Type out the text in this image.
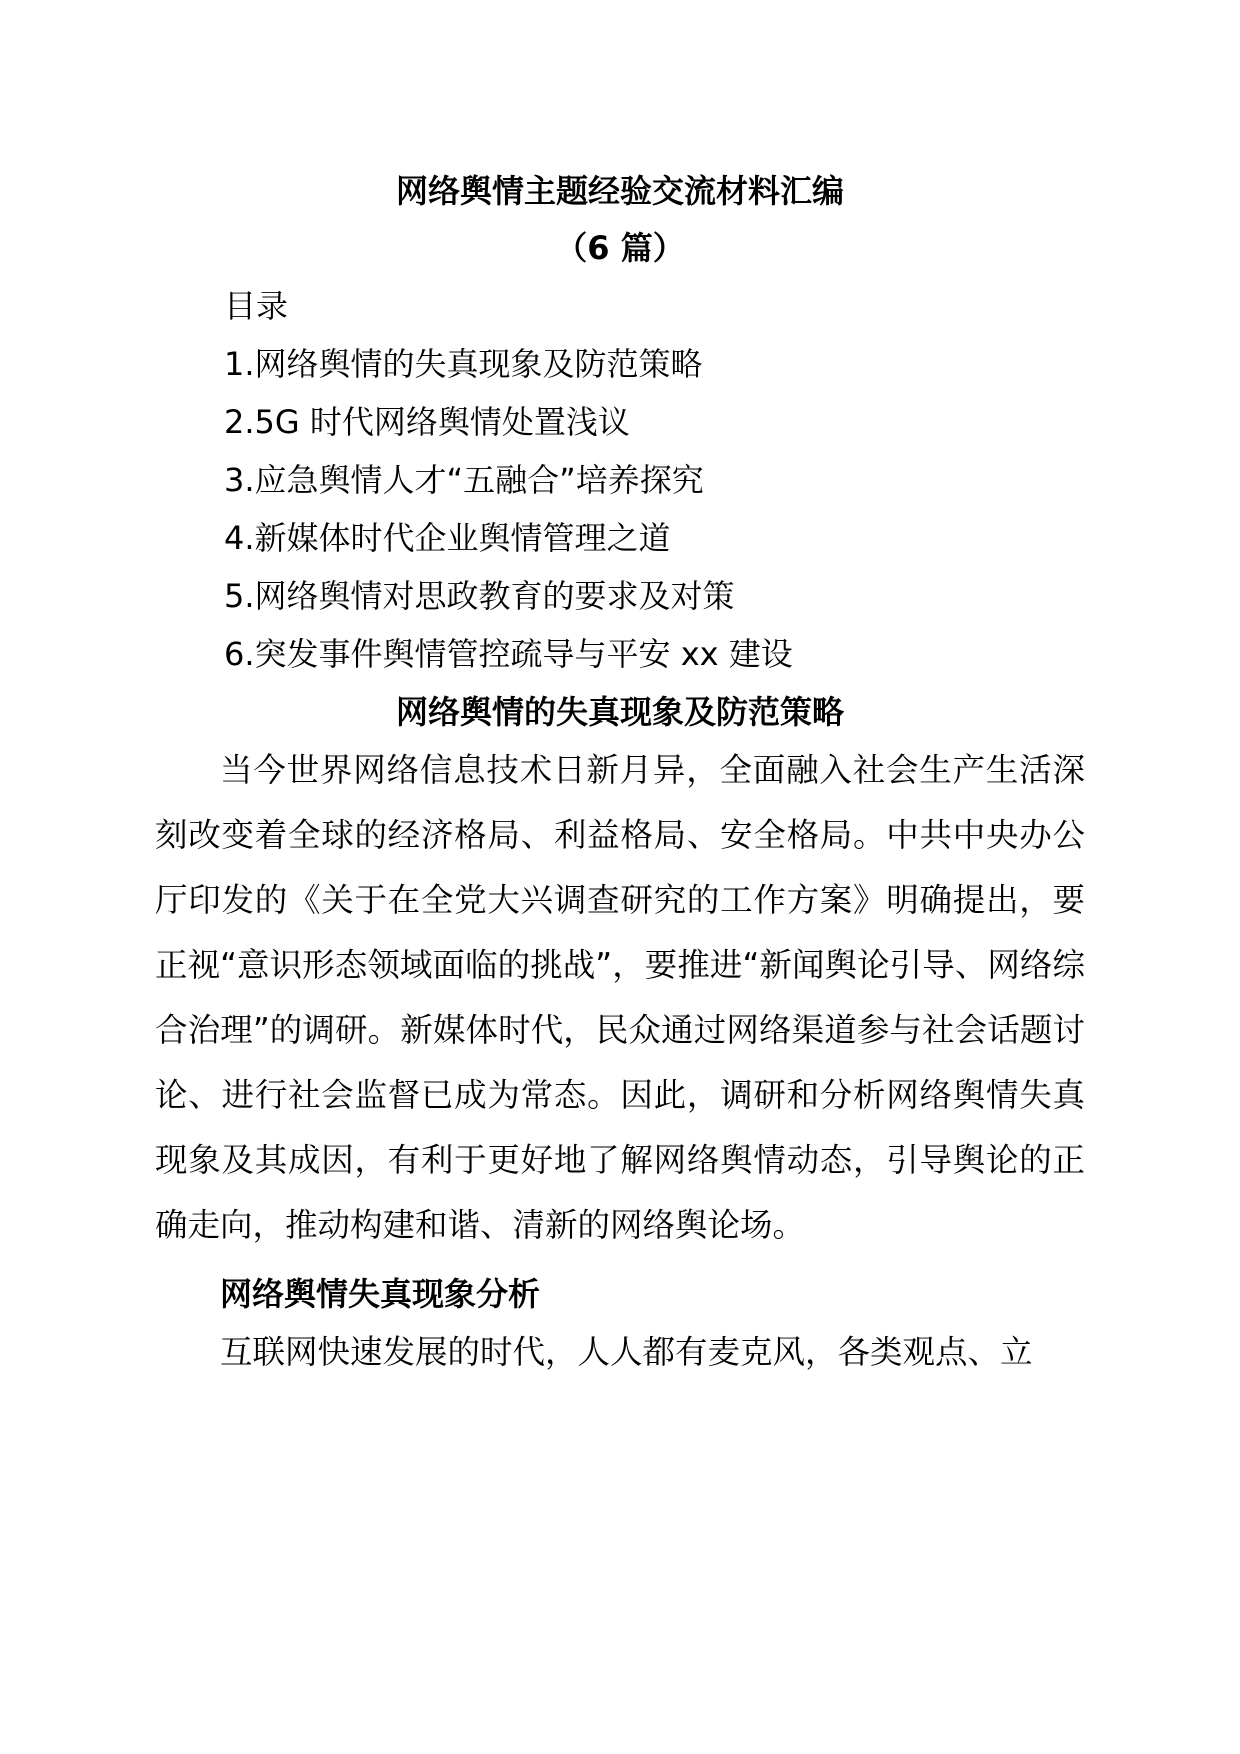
网络舆情主题经验交流材料汇编
（6 篇）
目录
1.网络舆情的失真现象及防范策略
2.5G 时代网络舆情处置浅议
3.应急舆情人才“五融合”培养探究
4.新媒体时代企业舆情管理之道
5.网络舆情对思政教育的要求及对策
6.突发事件舆情管控疏导与平安 xx 建设
网络舆情的失真现象及防范策略
当今世界网络信息技术日新月异，全面融入社会生产生活深刻改变着全球的经济格局、利益格局、安全格局。中共中央办公厅印发的《关于在全党大兴调查研究的工作方案》明确提出，要正视“意识形态领域面临的挑战”，要推进“新闻舆论引导、网络综合治理”的调研。新媒体时代，民众通过网络渠道参与社会话题讨论、进行社会监督已成为常态。因此，调研和分析网络舆情失真现象及其成因，有利于更好地了解网络舆情动态，引导舆论的正确走向，推动构建和谐、清新的网络舆论场。
网络舆情失真现象分析
互联网快速发展的时代，人人都有麦克风，各类观点、立
